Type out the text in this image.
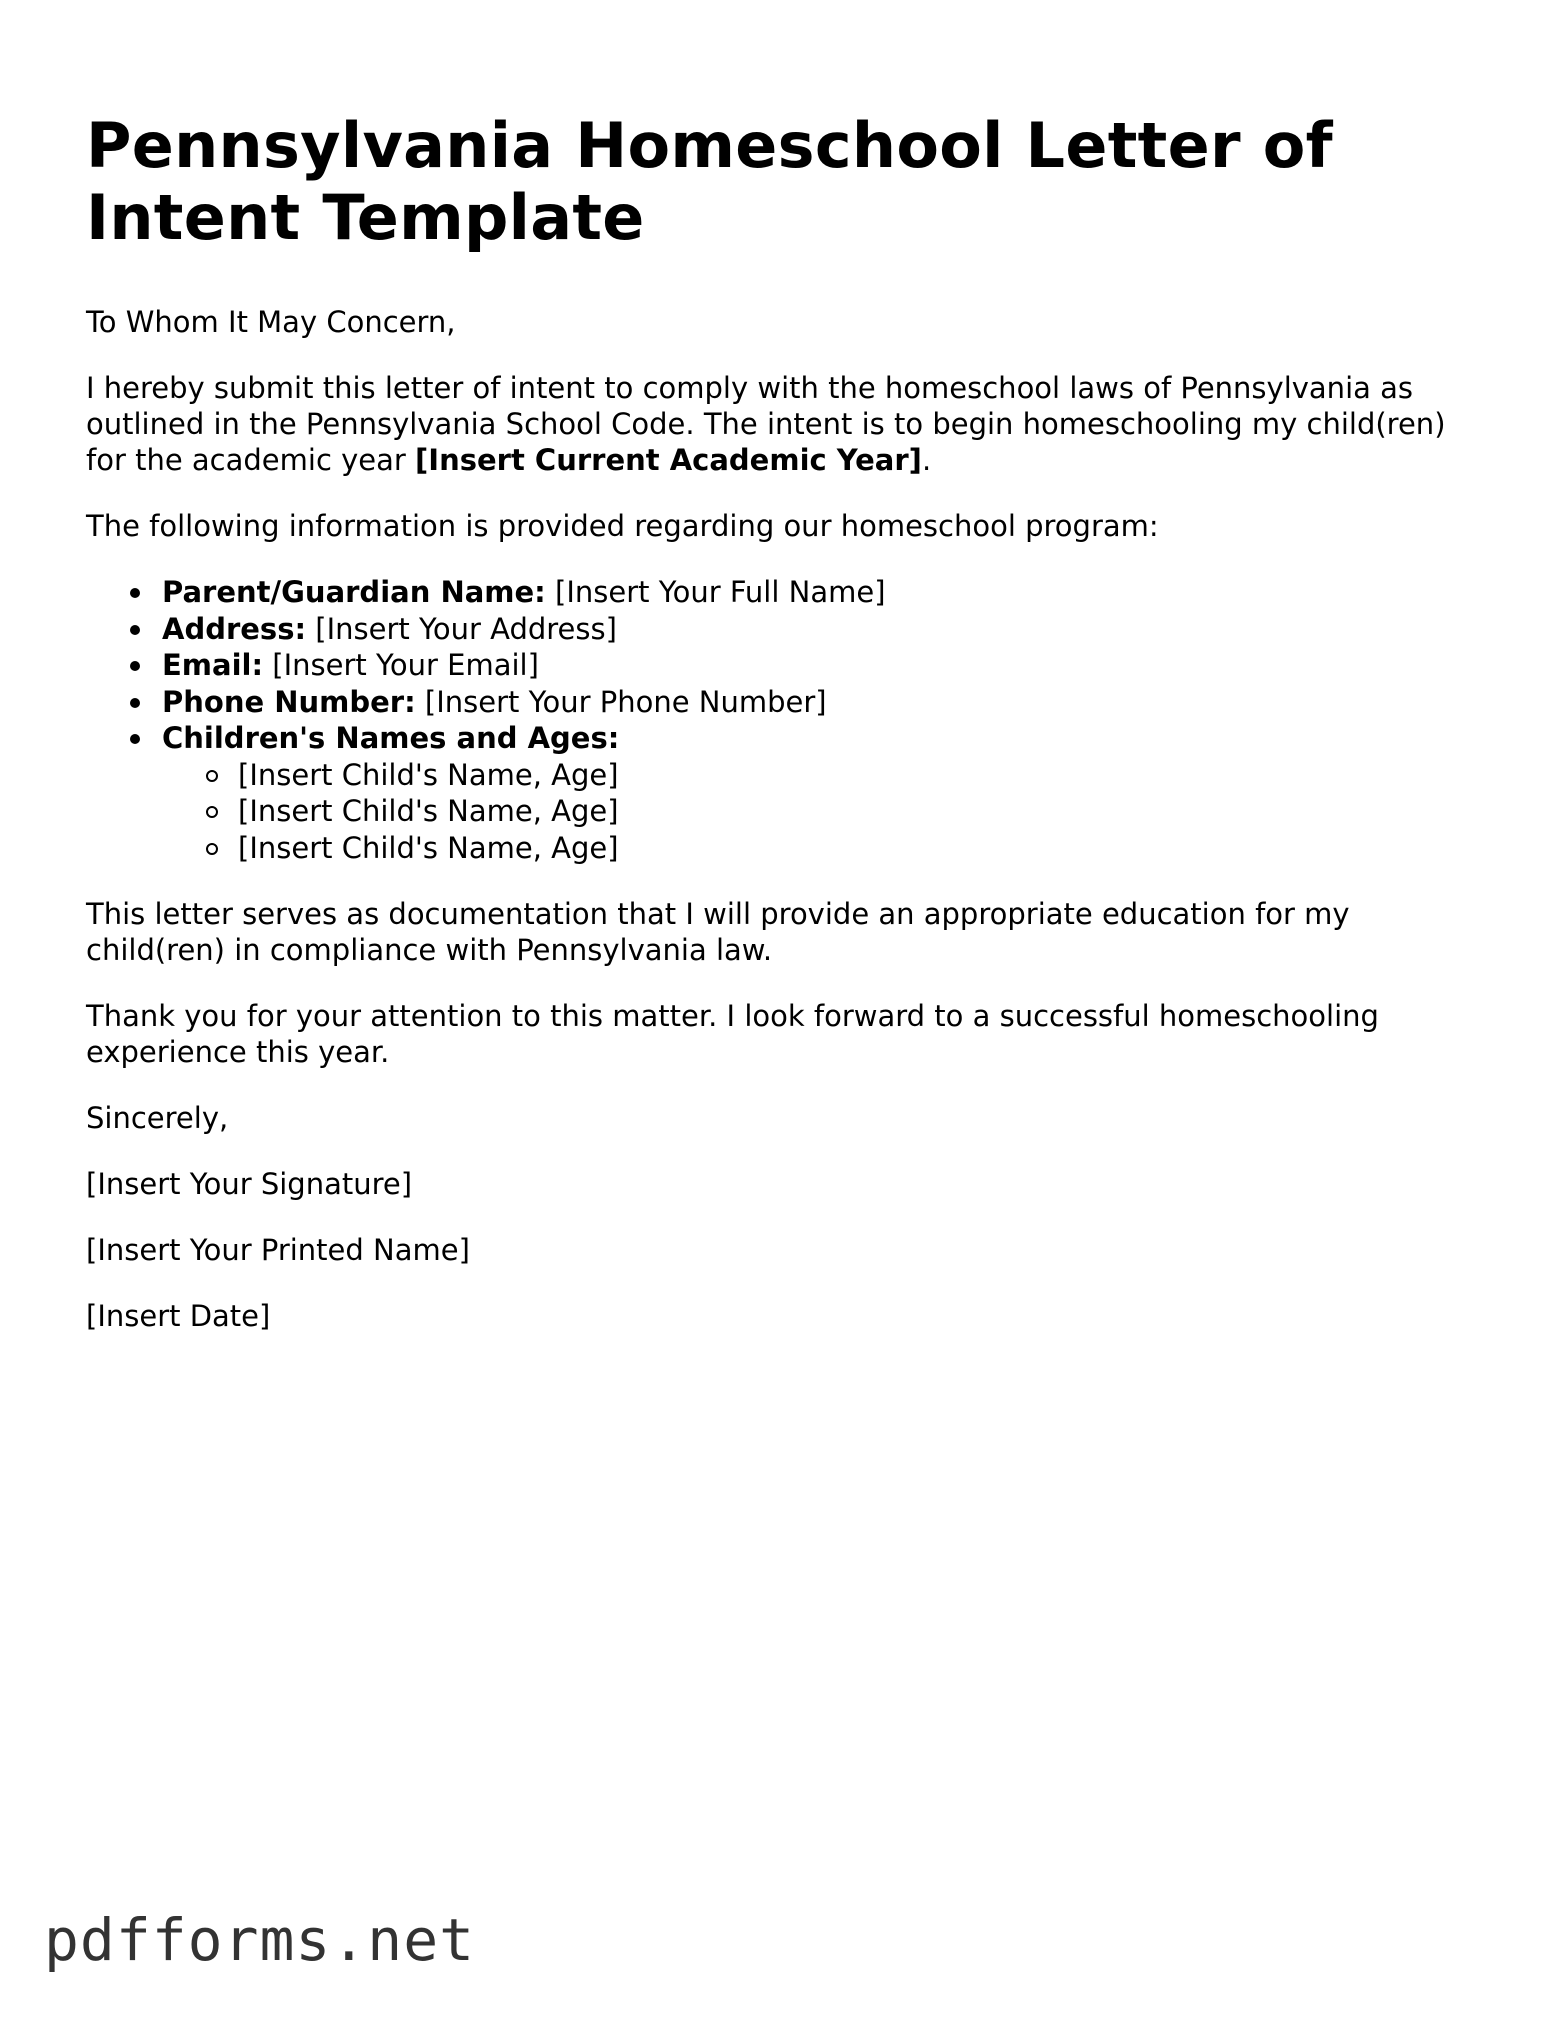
Pennsylvania Homeschool Letter of Intent Template

To Whom It May Concern,

I hereby submit this letter of intent to comply with the homeschool laws of Pennsylvania as outlined in the Pennsylvania School Code. The intent is to begin homeschooling my child(ren) for the academic year [Insert Current Academic Year].

The following information is provided regarding our homeschool program:

Parent/Guardian Name: [Insert Your Full Name]
Address: [Insert Your Address]
Email: [Insert Your Email]
Phone Number: [Insert Your Phone Number]
Children's Names and Ages:
[Insert Child's Name, Age]
[Insert Child's Name, Age]
[Insert Child's Name, Age]

This letter serves as documentation that I will provide an appropriate education for my child(ren) in compliance with Pennsylvania law.

Thank you for your attention to this matter. I look forward to a successful homeschooling experience this year.

Sincerely,

[Insert Your Signature]

[Insert Your Printed Name]

[Insert Date]

pdfforms.net
